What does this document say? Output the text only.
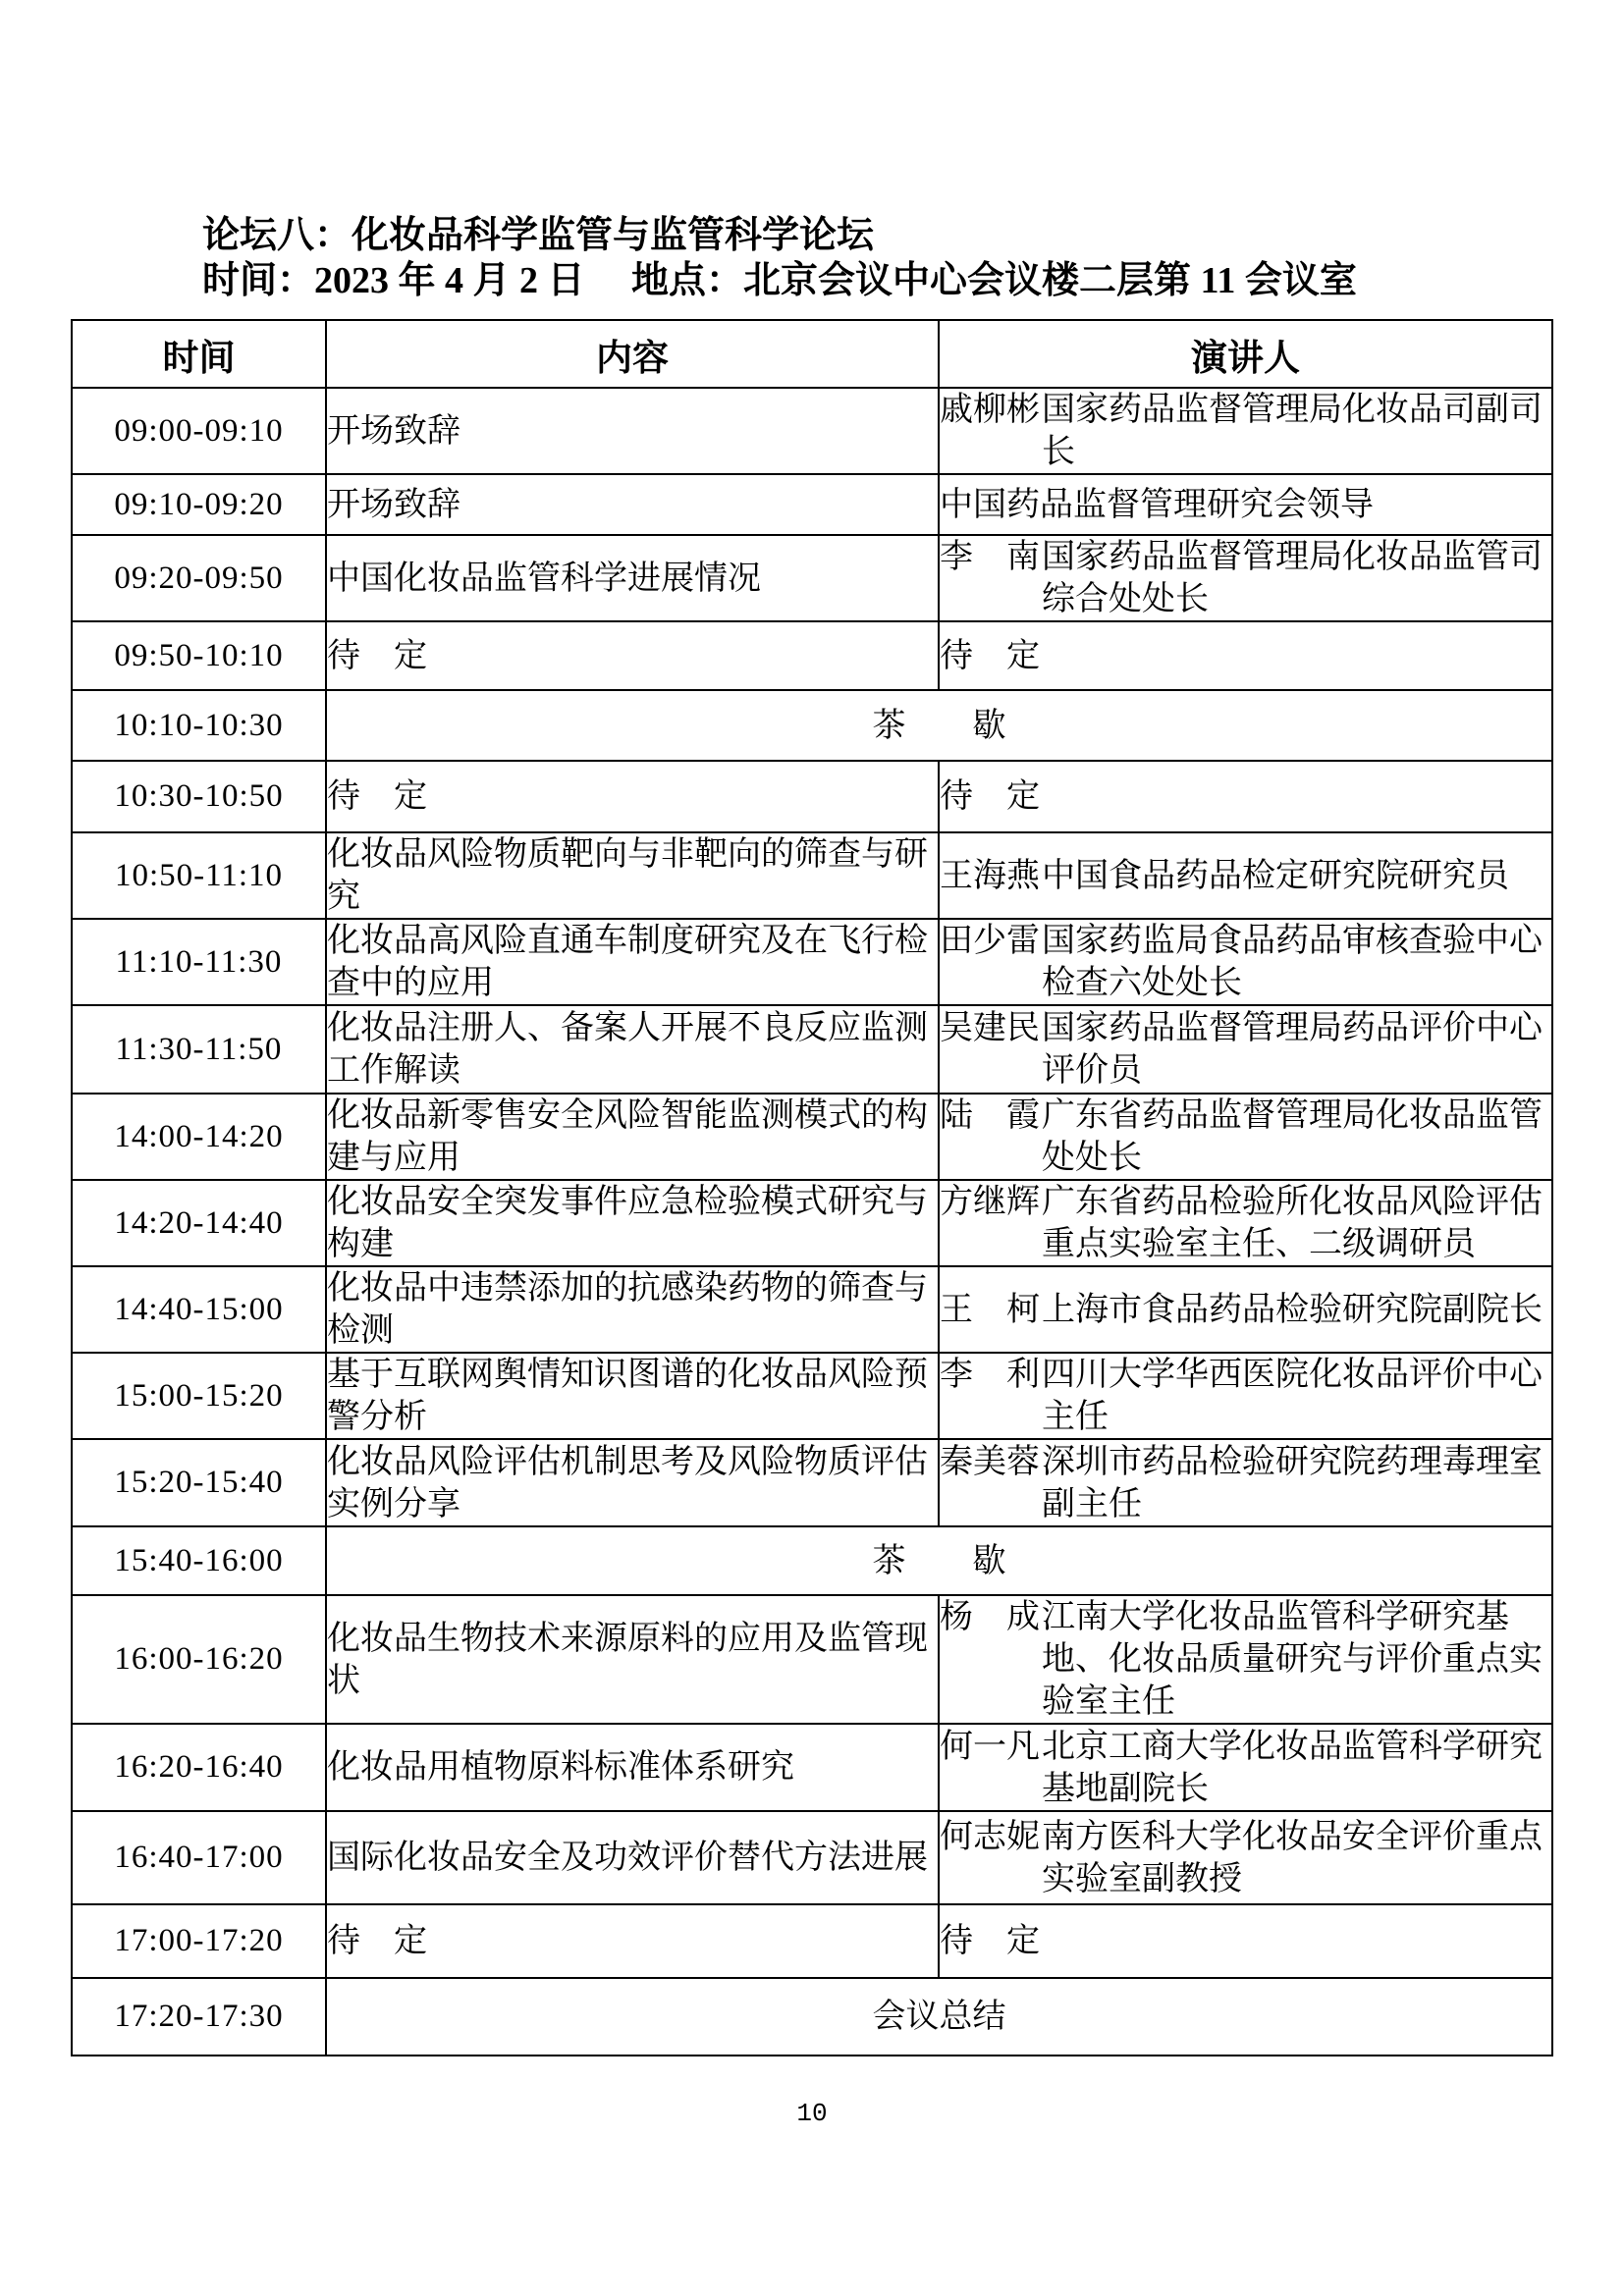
论坛八：化妆品科学监管与监管科学论坛
时间：2023 年 4 月 2 日　 地点：北京会议中心会议楼二层第 11 会议室
时间	内容	演讲人
09:00-09:10	开场致辞	戚柳彬 国家药品监督管理局化妆品司副司长

09:10-09:20	开场致辞	中国药品监督管理研究会领导

09:20-09:50	中国化妆品监管科学进展情况	李　南 国家药品监督管理局化妆品监管司综合处处长

09:50-10:10	待　定	待　定

10:10-10:30	茶　　歇	
10:30-10:50	待　定	待　定

10:50-11:10	化妆品风险物质靶向与非靶向的筛查与研究	王海燕 中国食品药品检定研究院研究员

11:10-11:30	化妆品高风险直通车制度研究及在飞行检查中的应用	田少雷 国家药监局食品药品审核查验中心检查六处处长

11:30-11:50	化妆品注册人、备案人开展不良反应监测工作解读	吴建民 国家药品监督管理局药品评价中心评价员

14:00-14:20	化妆品新零售安全风险智能监测模式的构建与应用	陆　霞 广东省药品监督管理局化妆品监管处处长

14:20-14:40	化妆品安全突发事件应急检验模式研究与构建	方继辉 广东省药品检验所化妆品风险评估重点实验室主任、二级调研员

14:40-15:00	化妆品中违禁添加的抗感染药物的筛查与检测	王　柯 上海市食品药品检验研究院副院长

15:00-15:20	基于互联网舆情知识图谱的化妆品风险预警分析	李　利 四川大学华西医院化妆品评价中心主任

15:20-15:40	化妆品风险评估机制思考及风险物质评估实例分享	秦美蓉 深圳市药品检验研究院药理毒理室副主任

15:40-16:00	茶　　歇	
16:00-16:20	化妆品生物技术来源原料的应用及监管现状	杨　成 江南大学化妆品监管科学研究基地、化妆品质量研究与评价重点实验室主任

16:20-16:40	化妆品用植物原料标准体系研究	何一凡 北京工商大学化妆品监管科学研究基地副院长

16:40-17:00	国际化妆品安全及功效评价替代方法进展	何志妮 南方医科大学化妆品安全评价重点实验室副教授

17:00-17:20	待　定	待　定

17:20-17:30	会议总结	
10
